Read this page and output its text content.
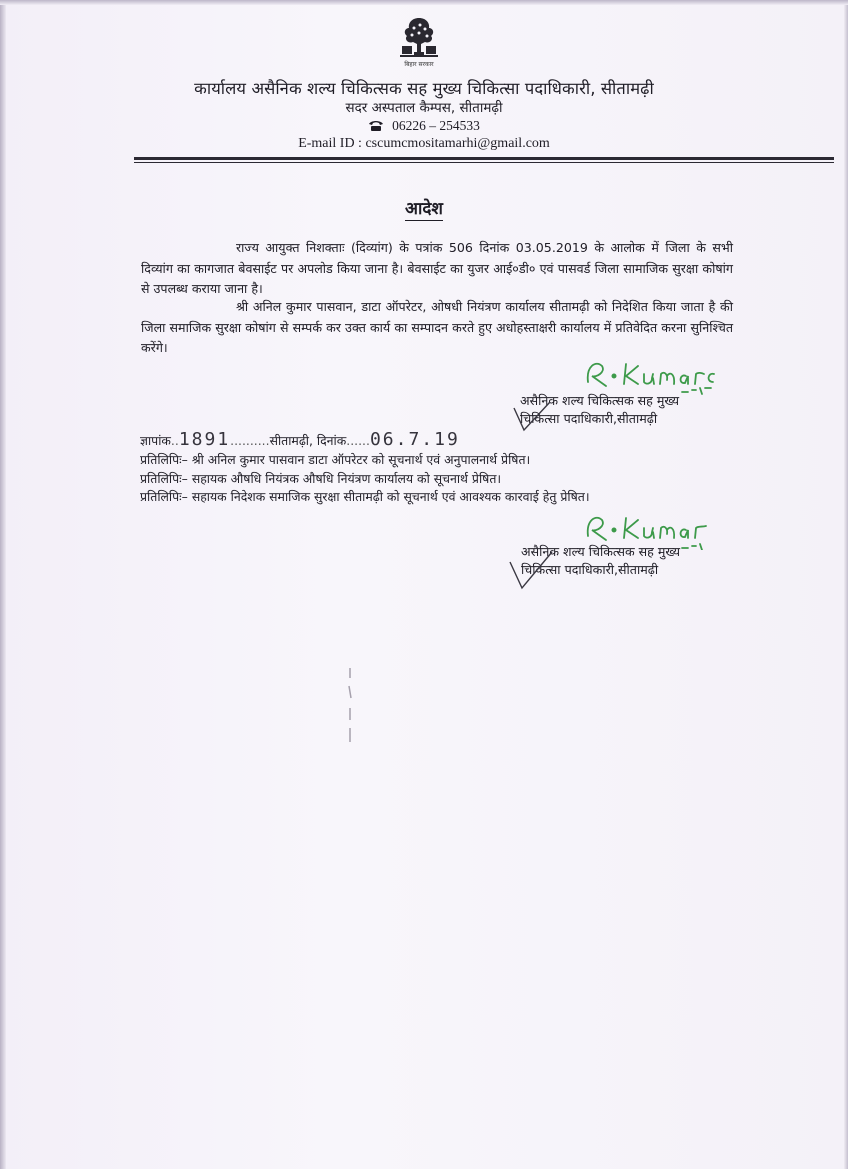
बिहार सरकार
कार्यालय असैनिक शल्य चिकित्सक सह मुख्य चिकित्सा पदाधिकारी, सीतामढ़ी
सदर अस्पताल कैम्पस, सीतामढ़ी
06226 – 254533
E-mail ID : cscumcmositamarhi@gmail.com
आदेश
राज्य आयुक्त निशक्ताः (दिव्यांग) के पत्रांक 506 दिनांक 03.05.2019 के आलोक में जिला के सभी दिव्यांग का कागजात बेवसाईट पर अपलोड किया जाना है। बेवसाईट का युजर आई०डी० एवं पासवर्ड जिला सामाजिक सुरक्षा कोषांग से उपलब्ध कराया जाना है।
श्री अनिल कुमार पासवान, डाटा ऑपरेटर, ओषधी नियंत्रण कार्यालय सीतामढ़ी को निदेशित किया जाता है की जिला समाजिक सुरक्षा कोषांग से सम्पर्क कर उक्त कार्य का सम्पादन करते हुए अधोहस्ताक्षरी कार्यालय में प्रतिवेदित करना सुनिश्चित करेंगे।
असैनिक शल्य चिकित्सक सह मुख्य
चिकित्सा पदाधिकारी,सीतामढ़ी
ज्ञापांक..1891..........सीतामढ़ी, दिनांक......06.7.19
प्रतिलिपिः– श्री अनिल कुमार पासवान डाटा ऑपरेटर को सूचनार्थ एवं अनुपालनार्थ प्रेषित।
प्रतिलिपिः– सहायक औषधि नियंत्रक औषधि नियंत्रण कार्यालय को सूचनार्थ प्रेषित।
प्रतिलिपिः– सहायक निदेशक समाजिक सुरक्षा सीतामढ़ी को सूचनार्थ एवं आवश्यक कारवाई हेतु प्रेषित।
असैनिक शल्य चिकित्सक सह मुख्य
चिकित्सा पदाधिकारी,सीतामढ़ी
